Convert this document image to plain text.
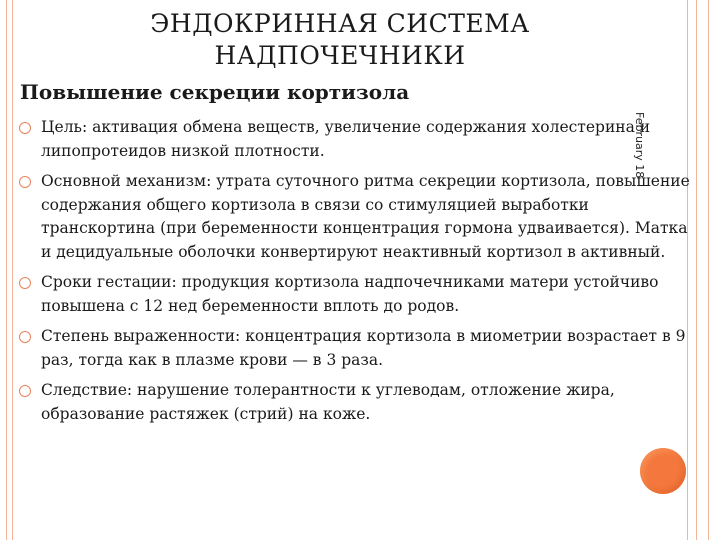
ЭНДОКРИННАЯ СИСТЕМА
НАДПОЧЕЧНИКИ
Повышение секреции кортизола
February 18
Цель: активация обмена веществ, увеличение содержания холестерина и липопротеидов низкой плотности.
Основной механизм: утрата суточного ритма секреции кортизола, повышение содержания общего кортизола в связи со стимуляцией выработки транскортина (при беременности концентрация гормона удваивается). Матка и децидуальные оболочки конвертируют неактивный кортизол в активный.
Сроки гестации: продукция кортизола надпочечниками матери устойчиво повышена с 12 нед беременности вплоть до родов.
Степень выраженности: концентрация кортизола в миометрии возрастает в 9 раз, тогда как в плазме крови — в 3 раза.
Следствие: нарушение толерантности к углеводам, отложение жира, образование растяжек (стрий) на коже.
